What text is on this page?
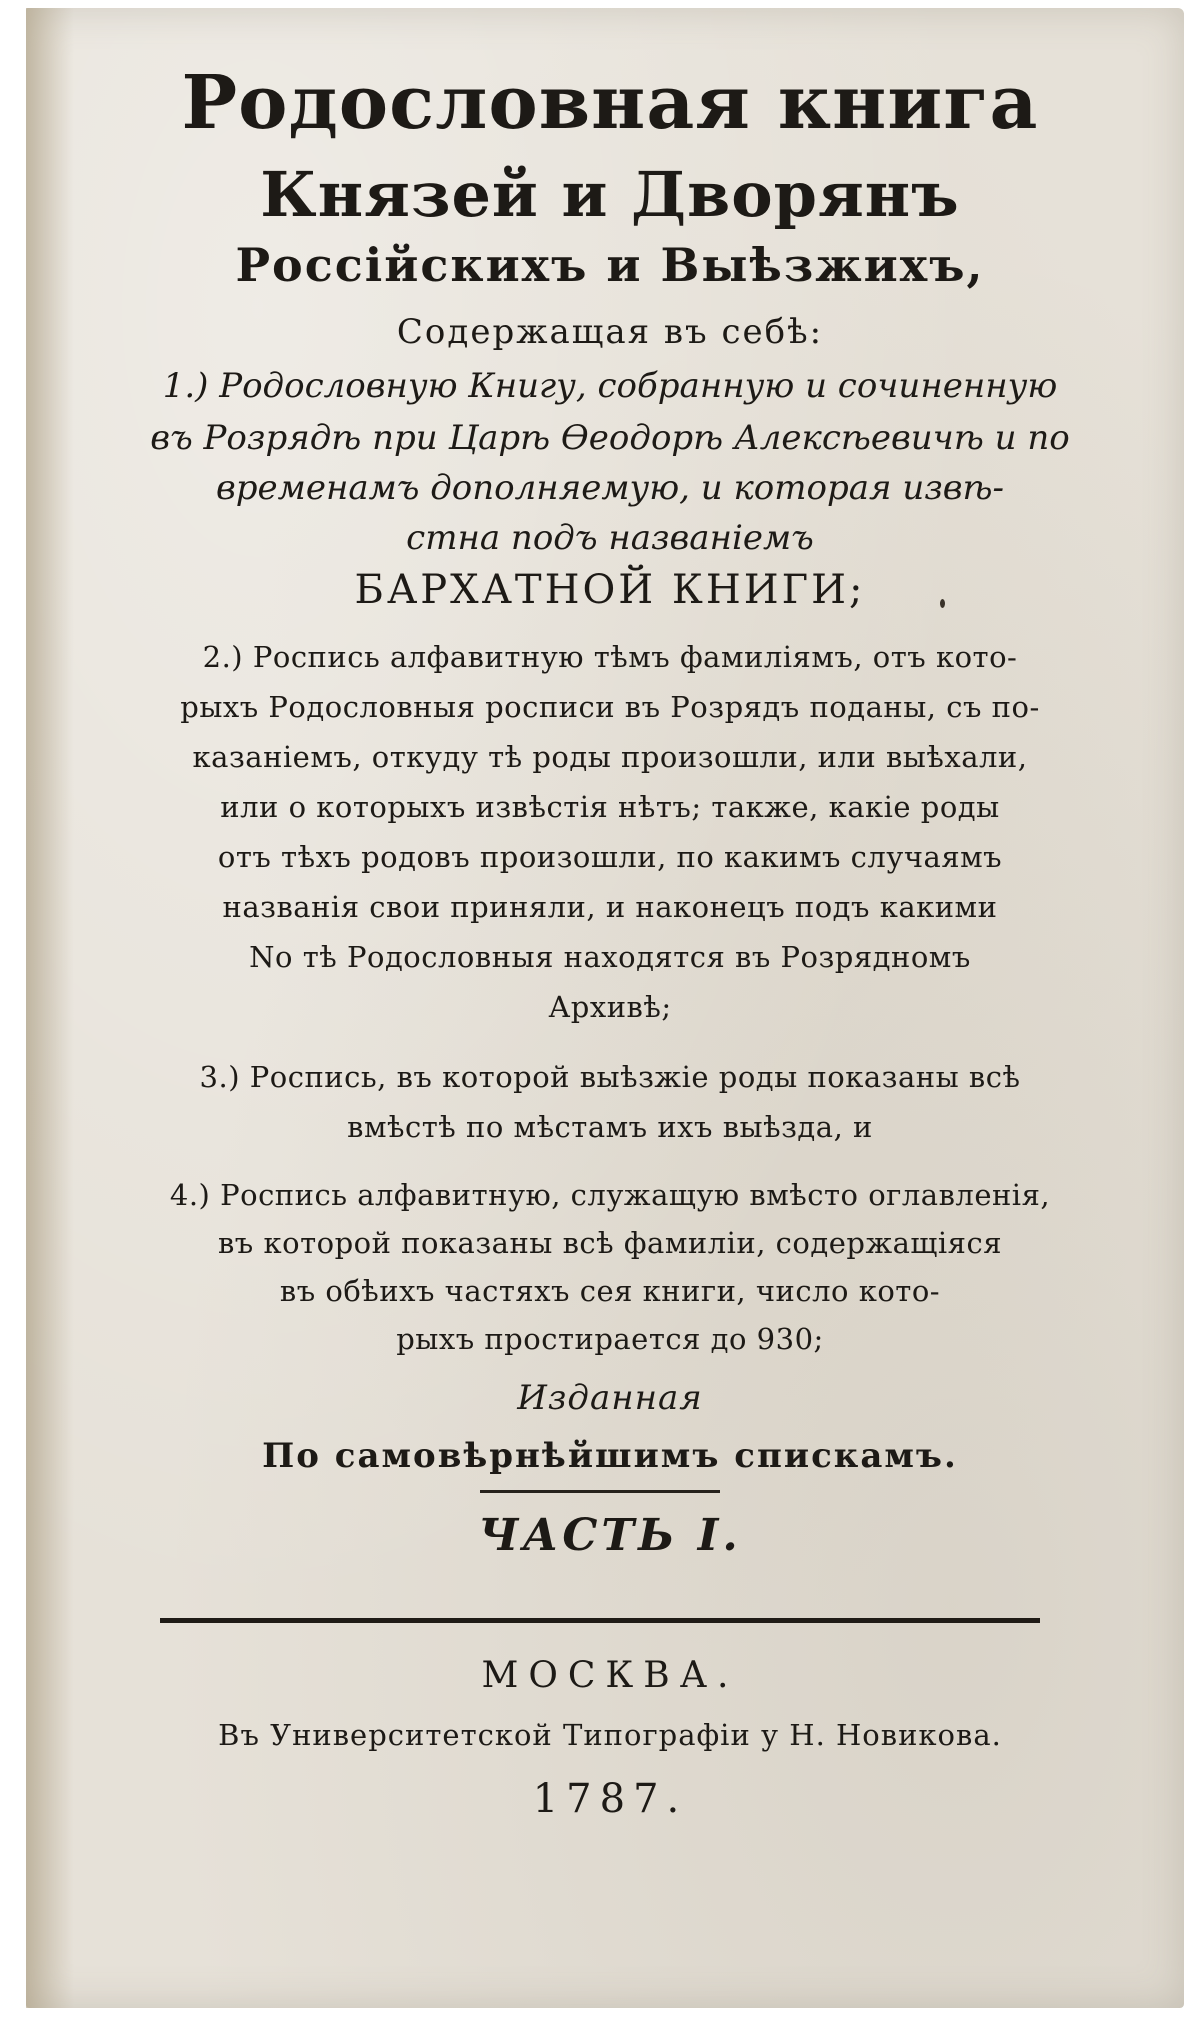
Родословная книга
Князей и Дворянъ
Россійскихъ и Выѣзжихъ,
Содержащая въ себѣ:
1.) Родословную Книгу, собранную и сочиненную
въ Розрядѣ при Царѣ Ѳеодорѣ Алексѣевичѣ и по
временамъ дополняемую, и которая извѣ-
стна подъ названіемъ
БАРХАТНОЙ КНИГИ;
2.) Роспись алфавитную тѣмъ фамиліямъ, отъ кото-
рыхъ Родословныя росписи въ Розрядъ поданы, съ по-
казаніемъ, откуду тѣ роды произошли, или выѣхали,
или о которыхъ извѣстія нѣтъ; также, какіе роды
отъ тѣхъ родовъ произошли, по какимъ случаямъ
названія свои приняли, и наконецъ подъ какими
No тѣ Родословныя находятся въ Розрядномъ
Архивѣ;
3.) Роспись, въ которой выѣзжіе роды показаны всѣ
вмѣстѣ по мѣстамъ ихъ выѣзда, и
4.) Роспись алфавитную, служащую вмѣсто оглавленія,
въ которой показаны всѣ фамиліи, содержащіяся
въ обѣихъ частяхъ сея книги, число кото-
рыхъ простирается до 930;
Изданная
По самовѣрнѣйшимъ спискамъ.
ЧАСТЬ I.
МОСКВА.
Въ Университетской Типографіи у Н. Новикова.
1787.
